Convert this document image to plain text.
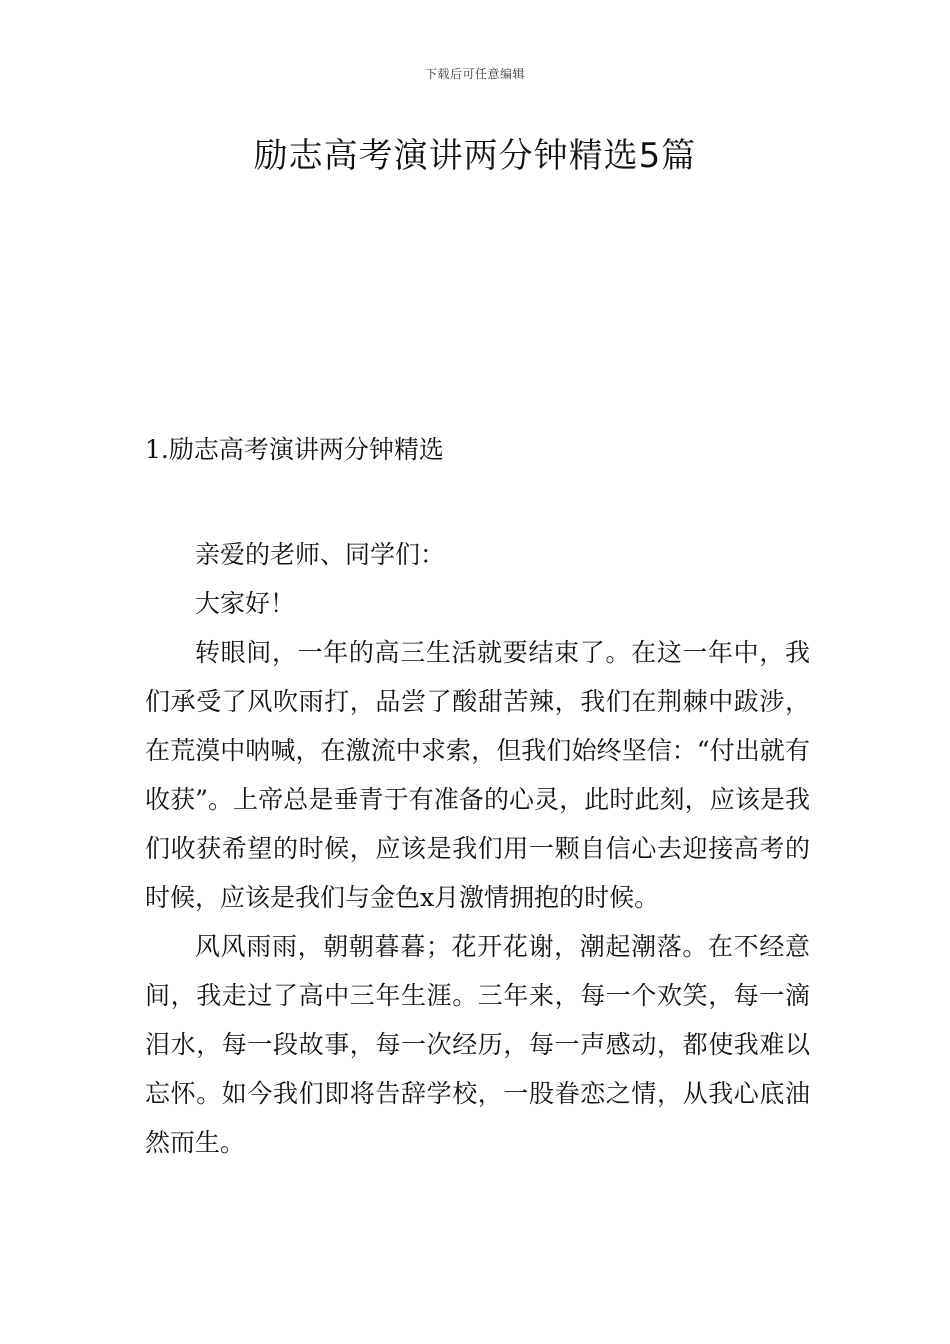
下载后可任意编辑
励志高考演讲两分钟精选5篇
1.励志高考演讲两分钟精选

亲爱的老师、同学们：

大家好！

转眼间，一年的高三生活就要结束了。在这一年中，我们承受了风吹雨打，品尝了酸甜苦辣，我们在荆棘中跋涉，在荒漠中呐喊，在激流中求索，但我们始终坚信：“付出就有收获”。上帝总是垂青于有准备的心灵，此时此刻，应该是我们收获希望的时候，应该是我们用一颗自信心去迎接高考的时候，应该是我们与金色x月激情拥抱的时候。

风风雨雨，朝朝暮暮；花开花谢，潮起潮落。在不经意间，我走过了高中三年生涯。三年来，每一个欢笑，每一滴泪水，每一段故事，每一次经历，每一声感动，都使我难以忘怀。如今我们即将告辞学校，一股眷恋之情，从我心底油然而生。
